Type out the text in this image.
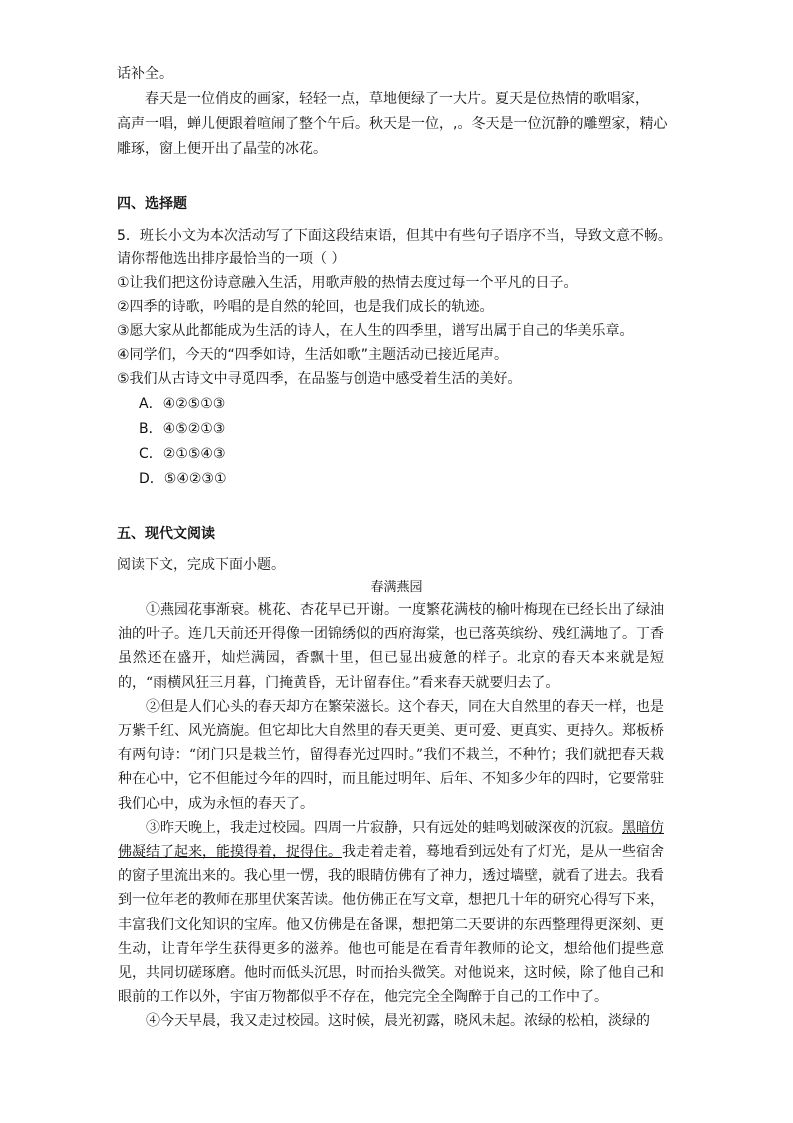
话补全。
春天是一位俏皮的画家，轻轻一点，草地便绿了一大片。夏天是位热情的歌唱家，
高声一唱，蝉儿便跟着喧闹了整个午后。秋天是一位，,。冬天是一位沉静的雕塑家，精心
雕琢，窗上便开出了晶莹的冰花。
四、选择题
5．班长小文为本次活动写了下面这段结束语，但其中有些句子语序不当，导致文意不畅。
请你帮他选出排序最恰当的一项（ ）
①让我们把这份诗意融入生活，用歌声般的热情去度过每一个平凡的日子。
②四季的诗歌，吟唱的是自然的轮回，也是我们成长的轨迹。
③愿大家从此都能成为生活的诗人，在人生的四季里，谱写出属于自己的华美乐章。
④同学们，今天的“四季如诗，生活如歌”主题活动已接近尾声。
⑤我们从古诗文中寻觅四季，在品鉴与创造中感受着生活的美好。
A．④②⑤①③
B．④⑤②①③
C．②①⑤④③
D．⑤④②③①
五、现代文阅读
阅读下文，完成下面小题。
春满燕园

①燕园花事渐衰。桃花、杏花早已开谢。一度繁花满枝的榆叶梅现在已经长出了绿油油的叶子。连几天前还开得像一团锦绣似的西府海棠，也已落英缤纷、残红满地了。丁香虽然还在盛开，灿烂满园，香飘十里，但已显出疲惫的样子。北京的春天本来就是短的，“雨横风狂三月暮，门掩黄昏，无计留春住。”看来春天就要归去了。

②但是人们心头的春天却方在繁荣滋长。这个春天，同在大自然里的春天一样，也是万紫千红、风光旖旎。但它却比大自然里的春天更美、更可爱、更真实、更持久。郑板桥有两句诗：“闭门只是栽兰竹，留得春光过四时。”我们不栽兰，不种竹；我们就把春天栽种在心中，它不但能过今年的四时，而且能过明年、后年、不知多少年的四时，它要常驻我们心中，成为永恒的春天了。

③昨天晚上，我走过校园。四周一片寂静，只有远处的蛙鸣划破深夜的沉寂。黑暗仿佛凝结了起来，能摸得着，捉得住。我走着走着，蓦地看到远处有了灯光，是从一些宿舍的窗子里流出来的。我心里一愣，我的眼睛仿佛有了神力，透过墙壁，就看了进去。我看到一位年老的教师在那里伏案苦读。他仿佛正在写文章，想把几十年的研究心得写下来，丰富我们文化知识的宝库。他又仿佛是在备课，想把第二天要讲的东西整理得更深刻、更生动，让青年学生获得更多的滋养。他也可能是在看青年教师的论文，想给他们提些意见，共同切磋琢磨。他时而低头沉思，时而抬头微笑。对他说来，这时候，除了他自己和眼前的工作以外，宇宙万物都似乎不存在，他完完全全陶醉于自己的工作中了。

④今天早晨，我又走过校园。这时候，晨光初露，晓风未起。浓绿的松柏，淡绿的
